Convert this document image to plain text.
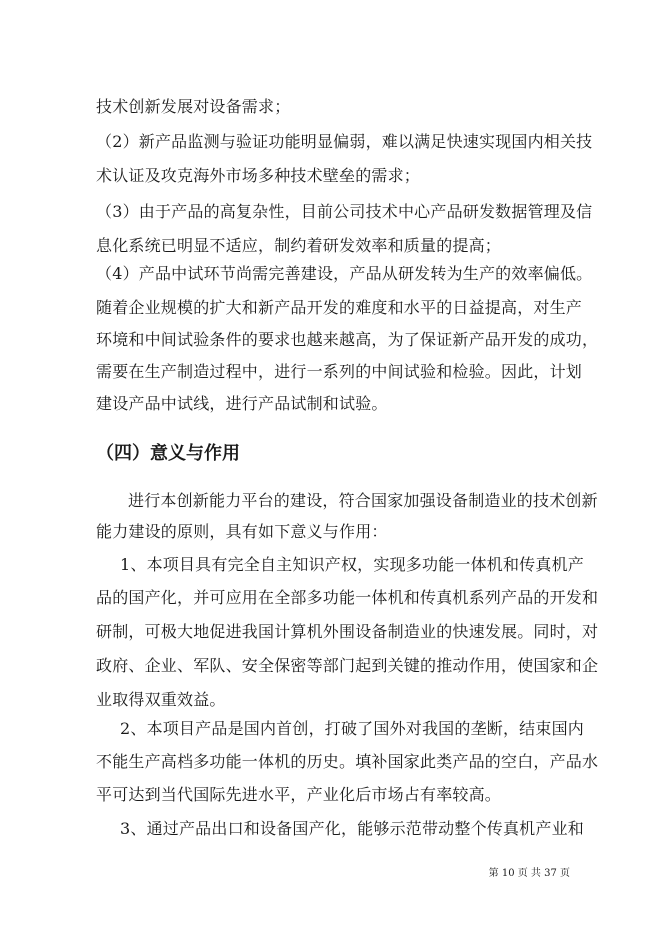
技术创新发展对设备需求；
（2）新产品监测与验证功能明显偏弱，难以满足快速实现国内相关技
术认证及攻克海外市场多种技术壁垒的需求；
（3）由于产品的高复杂性，目前公司技术中心产品研发数据管理及信
息化系统已明显不适应，制约着研发效率和质量的提高；
（4）产品中试环节尚需完善建设，产品从研发转为生产的效率偏低。
随着企业规模的扩大和新产品开发的难度和水平的日益提高，对生产
环境和中间试验条件的要求也越来越高，为了保证新产品开发的成功，
需要在生产制造过程中，进行一系列的中间试验和检验。因此，计划
建设产品中试线，进行产品试制和试验。
（四）意义与作用
进行本创新能力平台的建设，符合国家加强设备制造业的技术创新
能力建设的原则，具有如下意义与作用：
1、本项目具有完全自主知识产权，实现多功能一体机和传真机产
品的国产化，并可应用在全部多功能一体机和传真机系列产品的开发和
研制，可极大地促进我国计算机外围设备制造业的快速发展。同时，对
政府、企业、军队、安全保密等部门起到关键的推动作用，使国家和企
业取得双重效益。
2、本项目产品是国内首创，打破了国外对我国的垄断，结束国内
不能生产高档多功能一体机的历史。填补国家此类产品的空白，产品水
平可达到当代国际先进水平，产业化后市场占有率较高。
3、通过产品出口和设备国产化，能够示范带动整个传真机产业和
第 10 页 共 37 页
